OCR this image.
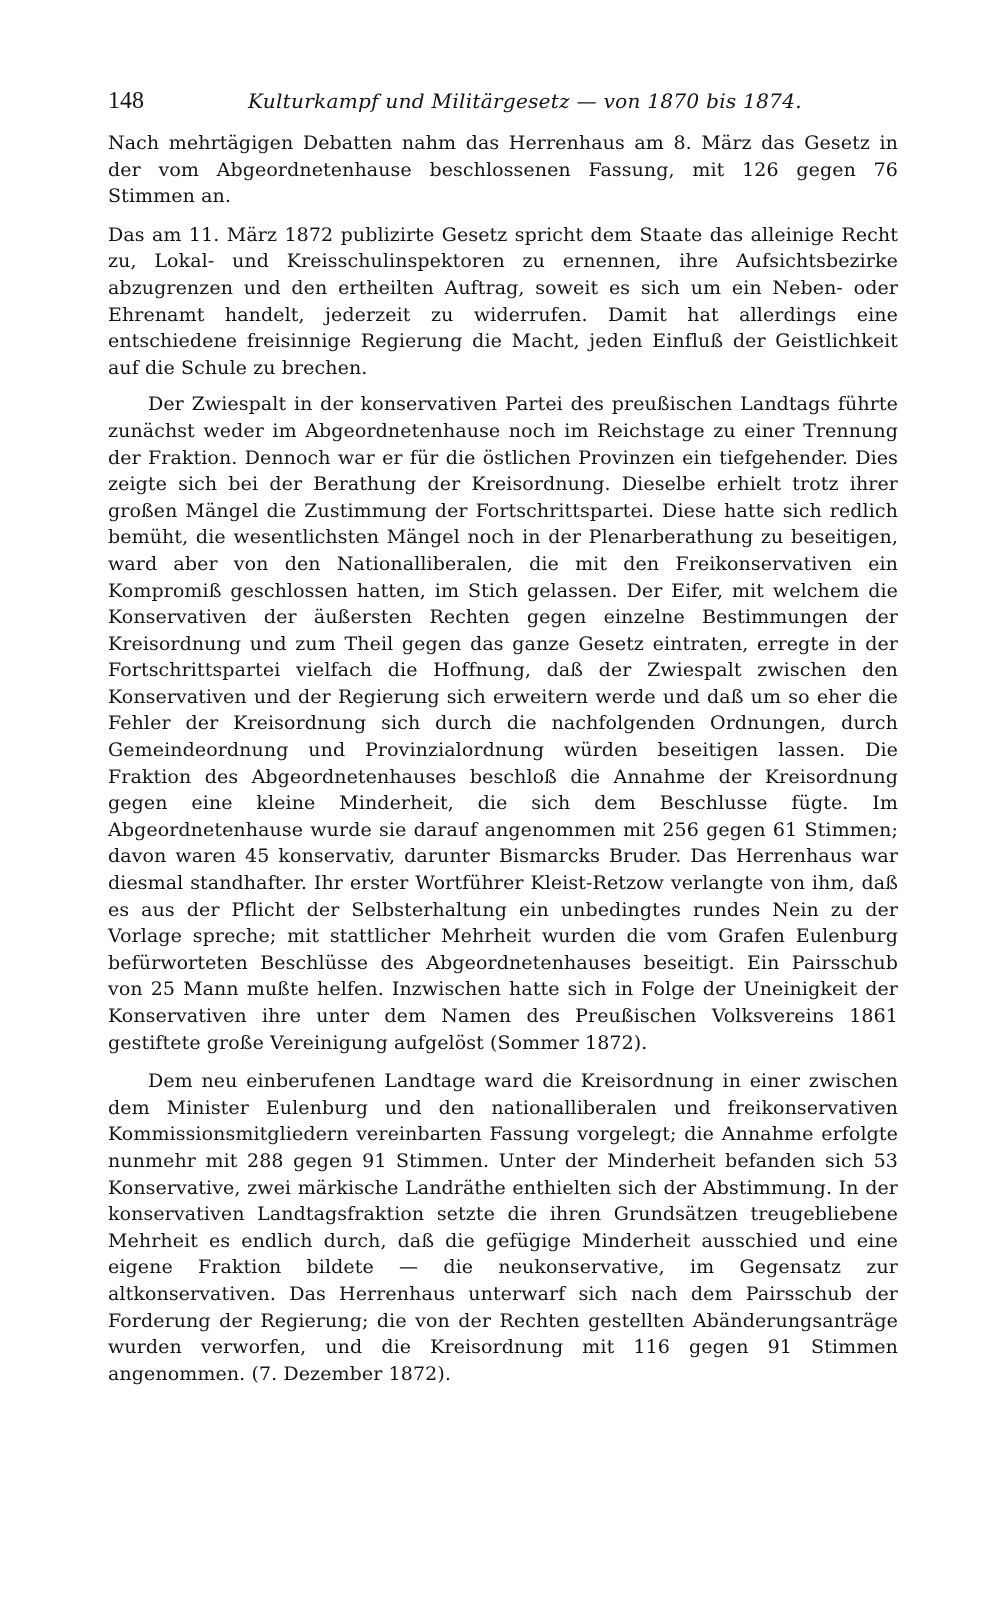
148	Kulturkampf und Militärgesetz — von 1870 bis 1874.

Nach mehrtägigen Debatten nahm das Herrenhaus am 8. März das Gesetz in der vom Abgeordnetenhause beschlossenen Fassung, mit 126 gegen 76 Stimmen an.

Das am 11. März 1872 publizirte Gesetz spricht dem Staate das alleinige Recht zu, Lokal- und Kreisschulinspektoren zu ernennen, ihre Aufsichtsbezirke abzugrenzen und den ertheilten Auftrag, soweit es sich um ein Neben- oder Ehrenamt handelt, jederzeit zu widerrufen. Damit hat allerdings eine entschiedene freisinnige Regierung die Macht, jeden Einfluß der Geistlichkeit auf die Schule zu brechen.

Der Zwiespalt in der konservativen Partei des preußischen Landtags führte zunächst weder im Abgeordnetenhause noch im Reichstage zu einer Trennung der Fraktion. Dennoch war er für die östlichen Provinzen ein tiefgehender. Dies zeigte sich bei der Berathung der Kreisordnung. Dieselbe erhielt trotz ihrer großen Mängel die Zustimmung der Fortschrittspartei. Diese hatte sich redlich bemüht, die wesentlichsten Mängel noch in der Plenarberathung zu beseitigen, ward aber von den Nationalliberalen, die mit den Freikonservativen ein Kompromiß geschlossen hatten, im Stich gelassen. Der Eifer, mit welchem die Konservativen der äußersten Rechten gegen einzelne Bestimmungen der Kreisordnung und zum Theil gegen das ganze Gesetz eintraten, erregte in der Fortschrittspartei vielfach die Hoffnung, daß der Zwiespalt zwischen den Konservativen und der Regierung sich erweitern werde und daß um so eher die Fehler der Kreisordnung sich durch die nachfolgenden Ordnungen, durch Gemeindeordnung und Provinzialordnung würden beseitigen lassen. Die Fraktion des Abgeordnetenhauses beschloß die Annahme der Kreisordnung gegen eine kleine Minderheit, die sich dem Beschlusse fügte. Im Abgeordnetenhause wurde sie darauf angenommen mit 256 gegen 61 Stimmen; davon waren 45 konservativ, darunter Bismarcks Bruder. Das Herrenhaus war diesmal standhafter. Ihr erster Wortführer Kleist-Retzow verlangte von ihm, daß es aus der Pflicht der Selbsterhaltung ein unbedingtes rundes Nein zu der Vorlage spreche; mit stattlicher Mehrheit wurden die vom Grafen Eulenburg befürworteten Beschlüsse des Abgeordnetenhauses beseitigt. Ein Pairsschub von 25 Mann mußte helfen. Inzwischen hatte sich in Folge der Uneinigkeit der Konservativen ihre unter dem Namen des Preußischen Volksvereins 1861 gestiftete große Vereinigung aufgelöst (Sommer 1872).

Dem neu einberufenen Landtage ward die Kreisordnung in einer zwischen dem Minister Eulenburg und den nationalliberalen und freikonservativen Kommissionsmitgliedern vereinbarten Fassung vorgelegt; die Annahme erfolgte nunmehr mit 288 gegen 91 Stimmen. Unter der Minderheit befanden sich 53 Konservative, zwei märkische Landräthe enthielten sich der Abstimmung. In der konservativen Landtagsfraktion setzte die ihren Grundsätzen treugebliebene Mehrheit es endlich durch, daß die gefügige Minderheit ausschied und eine eigene Fraktion bildete — die neukonservative, im Gegensatz zur altkonservativen. Das Herrenhaus unterwarf sich nach dem Pairsschub der Forderung der Regierung; die von der Rechten gestellten Abänderungsanträge wurden verworfen, und die Kreisordnung mit 116 gegen 91 Stimmen angenommen. (7. Dezember 1872).
